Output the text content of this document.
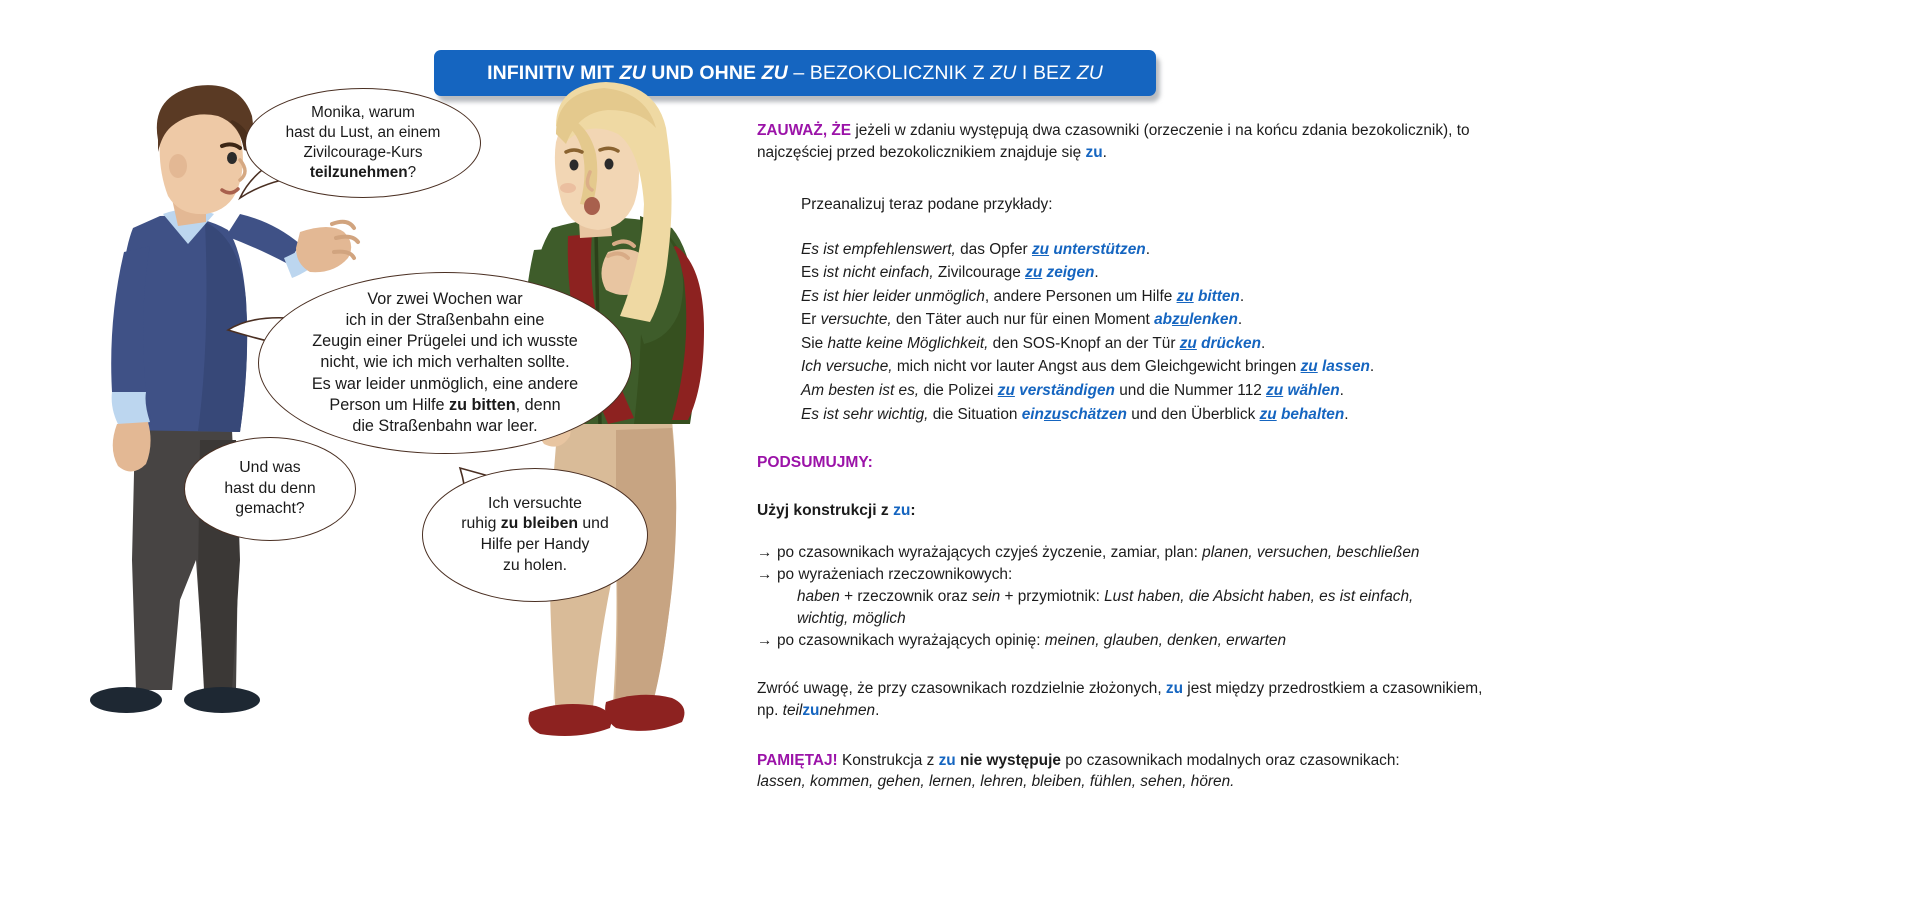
INFINITIV MIT ZU UND OHNE ZU – BEZOKOLICZNIK Z ZU I BEZ ZU
Monika, warum
hast du Lust, an einem
Zivilcourage-Kurs
teilzunehmen?
Vor zwei Wochen war
ich in der Straßenbahn eine
Zeugin einer Prügelei und ich wusste
nicht, wie ich mich verhalten sollte.
Es war leider unmöglich, eine andere
Person um Hilfe zu bitten, denn
die Straßenbahn war leer.
Und was
hast du denn
gemacht?	Ich versuchte
ruhig zu bleiben und
Hilfe per Handy
zu holen.

ZAUWAŻ, ŻE jeżeli w zdaniu występują dwa czasowniki (orzeczenie i na końcu zdania bezokolicznik), to najczęściej przed bezokolicznikiem znajduje się zu.

Przeanalizuj teraz podane przykłady:

Es ist empfehlenswert, das Opfer zu unterstützen.
Es ist nicht einfach, Zivilcourage zu zeigen.
Es ist hier leider unmöglich, andere Personen um Hilfe zu bitten.
Er versuchte, den Täter auch nur für einen Moment abzulenken.
Sie hatte keine Möglichkeit, den SOS-Knopf an der Tür zu drücken.
Ich versuche, mich nicht vor lauter Angst aus dem Gleichgewicht bringen zu lassen.
Am besten ist es, die Polizei zu verständigen und die Nummer 112 zu wählen.
Es ist sehr wichtig, die Situation einzuschätzen und den Überblick zu behalten.

PODSUMUJMY:

Użyj konstrukcji z zu:

→ po czasownikach wyrażających czyjeś życzenie, zamiar, plan: planen, versuchen, beschließen
→ po wyrażeniach rzeczownikowych:
haben + rzeczownik oraz sein + przymiotnik: Lust haben, die Absicht haben, es ist einfach,
wichtig, möglich
→ po czasownikach wyrażających opinię: meinen, glauben, denken, erwarten

Zwróć uwagę, że przy czasownikach rozdzielnie złożonych, zu jest między przedrostkiem a czasownikiem, np. teilzunehmen.

PAMIĘTAJ! Konstrukcja z zu nie występuje po czasownikach modalnych oraz czasownikach:
lassen, kommen, gehen, lernen, lehren, bleiben, fühlen, sehen, hören.
